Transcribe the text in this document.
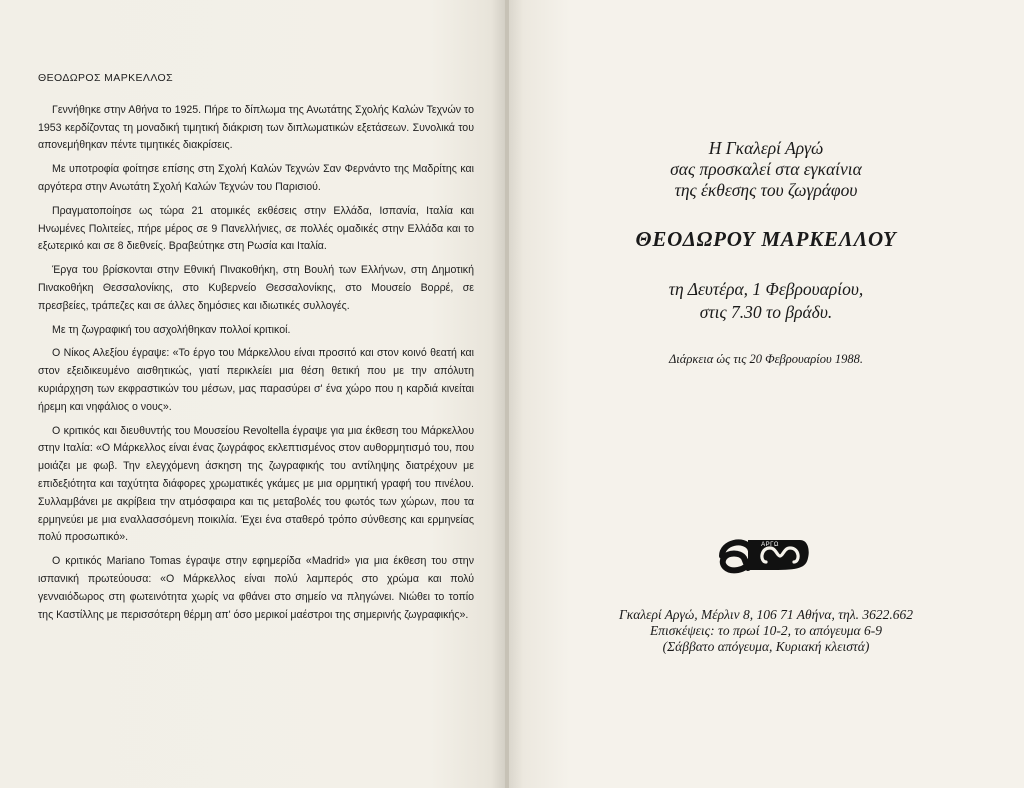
ΘΕΟΔΩΡΟΣ ΜΑΡΚΕΛΛΟΣ

Γεννήθηκε στην Αθήνα το 1925. Πήρε το δίπλωμα της Ανωτάτης Σχολής Καλών Τεχνών το 1953 κερδίζοντας τη μοναδική τιμητική διάκριση των διπλωματικών εξετάσεων. Συνολικά του απονεμήθηκαν πέντε τιμητικές διακρίσεις.

Με υποτροφία φοίτησε επίσης στη Σχολή Καλών Τεχνών Σαν Φερνάντο της Μαδρίτης και αργότερα στην Ανωτάτη Σχολή Καλών Τεχνών του Παρισιού.

Πραγματοποίησε ως τώρα 21 ατομικές εκθέσεις στην Ελλάδα, Ισπανία, Ιταλία και Ηνωμένες Πολιτείες, πήρε μέρος σε 9 Πανελλήνιες, σε πολλές ομαδικές στην Ελλάδα και το εξωτερικό και σε 8 διεθνείς. Βραβεύτηκε στη Ρωσία και Ιταλία.

Έργα του βρίσκονται στην Εθνική Πινακοθήκη, στη Βουλή των Ελλήνων, στη Δημοτική Πινακοθήκη Θεσσαλονίκης, στο Κυβερνείο Θεσσαλονίκης, στο Μουσείο Βορρέ, σε πρεσβείες, τράπεζες και σε άλλες δημόσιες και ιδιωτικές συλλογές.

Με τη ζωγραφική του ασχολήθηκαν πολλοί κριτικοί.

Ο Νίκος Αλεξίου έγραψε: «Το έργο του Μάρκελλου είναι προσιτό και στον κοινό θεατή και στον εξειδικευμένο αισθητικώς, γιατί περικλείει μια θέση θετική που με την απόλυτη κυριάρχηση των εκφραστικών του μέσων, μας παρασύρει σ' ένα χώρο που η καρδιά κινείται ήρεμη και νηφάλιος ο νους».

Ο κριτικός και διευθυντής του Μουσείου Revoltella έγραψε για μια έκθεση του Μάρκελλου στην Ιταλία: «Ο Μάρκελλος είναι ένας ζωγράφος εκλεπτισμένος στον αυθορμητισμό του, που μοιάζει με φωβ. Την ελεγχόμενη άσκηση της ζωγραφικής του αντίληψης διατρέχουν με επιδεξιότητα και ταχύτητα διάφορες χρωματικές γκάμες με μια ορμητική γραφή του πινέλου. Συλλαμβάνει με ακρίβεια την ατμόσφαιρα και τις μεταβολές του φωτός των χώρων, που τα ερμηνεύει με μια εναλλασσόμενη ποικιλία. Έχει ένα σταθερό τρόπο σύνθεσης και ερμηνείας πολύ προσωπικό».

Ο κριτικός Mariano Tomas έγραψε στην εφημερίδα «Madrid» για μια έκθεση του στην ισπανική πρωτεύουσα: «Ο Μάρκελλος είναι πολύ λαμπερός στο χρώμα και πολύ γενναιόδωρος στη φωτεινότητα χωρίς να φθάνει στο σημείο να πληγώνει. Νιώθει το τοπίο της Καστίλλης με περισσότερη θέρμη απ' όσο μερικοί μαέστροι της σημερινής ζωγραφικής».

Η Γκαλερί Αργώ
σας προσκαλεί στα εγκαίνια
της έκθεσης του ζωγράφου
ΘΕΟΔΩΡΟΥ ΜΑΡΚΕΛΛΟΥ
τη Δευτέρα, 1 Φεβρουαρίου,
στις 7.30 το βράδυ.
Διάρκεια ώς τις 20 Φεβρουαρίου 1988.
ΑΡΓΩ
Γκαλερί Αργώ, Μέρλιν 8, 106 71 Αθήνα, τηλ. 3622.662
Επισκέψεις: το πρωί 10-2, το απόγευμα 6-9
(Σάββατο απόγευμα, Κυριακή κλειστά)
